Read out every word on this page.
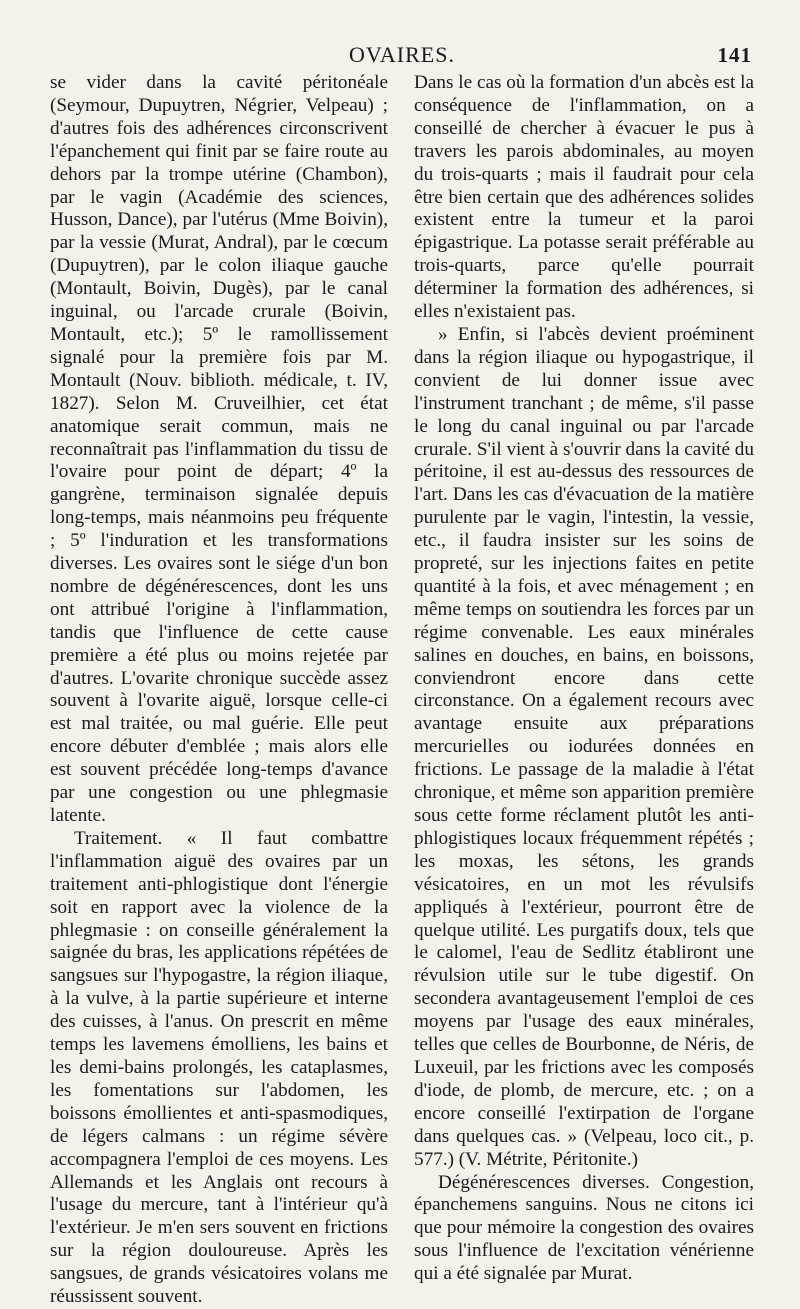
OVAIRES.	141

se vider dans la cavité péritonéale (Seymour, Dupuytren, Négrier, Velpeau) ; d'autres fois des adhérences circonscrivent l'épanchement qui finit par se faire route au dehors par la trompe utérine (Chambon), par le vagin (Académie des sciences, Husson, Dance), par l'utérus (Mme Boivin), par la vessie (Murat, Andral), par le cœcum (Dupuytren), par le colon iliaque gauche (Montault, Boivin, Dugès), par le canal inguinal, ou l'arcade crurale (Boivin, Montault, etc.); 5º le ramollissement signalé pour la première fois par M. Montault (Nouv. biblioth. médicale, t. IV, 1827). Selon M. Cruveilhier, cet état anatomique serait commun, mais ne reconnaîtrait pas l'inflammation du tissu de l'ovaire pour point de départ; 4º la gangrène, terminaison signalée depuis long-temps, mais néanmoins peu fréquente ; 5º l'induration et les transformations diverses. Les ovaires sont le siége d'un bon nombre de dégénérescences, dont les uns ont attribué l'origine à l'inflammation, tandis que l'influence de cette cause première a été plus ou moins rejetée par d'autres. L'ovarite chronique succède assez souvent à l'ovarite aiguë, lorsque celle-ci est mal traitée, ou mal guérie. Elle peut encore débuter d'emblée ; mais alors elle est souvent précédée long-temps d'avance par une congestion ou une phlegmasie latente.

Traitement. « Il faut combattre l'inflammation aiguë des ovaires par un traitement anti-phlogistique dont l'énergie soit en rapport avec la violence de la phlegmasie : on conseille généralement la saignée du bras, les applications répétées de sangsues sur l'hypogastre, la région iliaque, à la vulve, à la partie supérieure et interne des cuisses, à l'anus. On prescrit en même temps les lavemens émolliens, les bains et les demi-bains prolongés, les cataplasmes, les fomentations sur l'abdomen, les boissons émollientes et anti-spasmodiques, de légers calmans : un régime sévère accompagnera l'emploi de ces moyens. Les Allemands et les Anglais ont recours à l'usage du mercure, tant à l'intérieur qu'à l'extérieur. Je m'en sers souvent en frictions sur la région douloureuse. Après les sangsues, de grands vésicatoires volans me réussissent souvent.

Dans le cas où la formation d'un abcès est la conséquence de l'inflammation, on a conseillé de chercher à évacuer le pus à travers les parois abdominales, au moyen du trois-quarts ; mais il faudrait pour cela être bien certain que des adhérences solides existent entre la tumeur et la paroi épigastrique. La potasse serait préférable au trois-quarts, parce qu'elle pourrait déterminer la formation des adhérences, si elles n'existaient pas.

» Enfin, si l'abcès devient proéminent dans la région iliaque ou hypogastrique, il convient de lui donner issue avec l'instrument tranchant ; de même, s'il passe le long du canal inguinal ou par l'arcade crurale. S'il vient à s'ouvrir dans la cavité du péritoine, il est au-dessus des ressources de l'art. Dans les cas d'évacuation de la matière purulente par le vagin, l'intestin, la vessie, etc., il faudra insister sur les soins de propreté, sur les injections faites en petite quantité à la fois, et avec ménagement ; en même temps on soutiendra les forces par un régime convenable. Les eaux minérales salines en douches, en bains, en boissons, conviendront encore dans cette circonstance. On a également recours avec avantage ensuite aux préparations mercurielles ou iodurées données en frictions. Le passage de la maladie à l'état chronique, et même son apparition première sous cette forme réclament plutôt les anti-phlogistiques locaux fréquemment répétés ; les moxas, les sétons, les grands vésicatoires, en un mot les révulsifs appliqués à l'extérieur, pourront être de quelque utilité. Les purgatifs doux, tels que le calomel, l'eau de Sedlitz établiront une révulsion utile sur le tube digestif. On secondera avantageusement l'emploi de ces moyens par l'usage des eaux minérales, telles que celles de Bourbonne, de Néris, de Luxeuil, par les frictions avec les composés d'iode, de plomb, de mercure, etc. ; on a encore conseillé l'extirpation de l'organe dans quelques cas. » (Velpeau, loco cit., p. 577.) (V. Métrite, Péritonite.)

Dégénérescences diverses. Congestion, épanchemens sanguins. Nous ne citons ici que pour mémoire la congestion des ovaires sous l'influence de l'excitation vénérienne qui a été signalée par Murat.
